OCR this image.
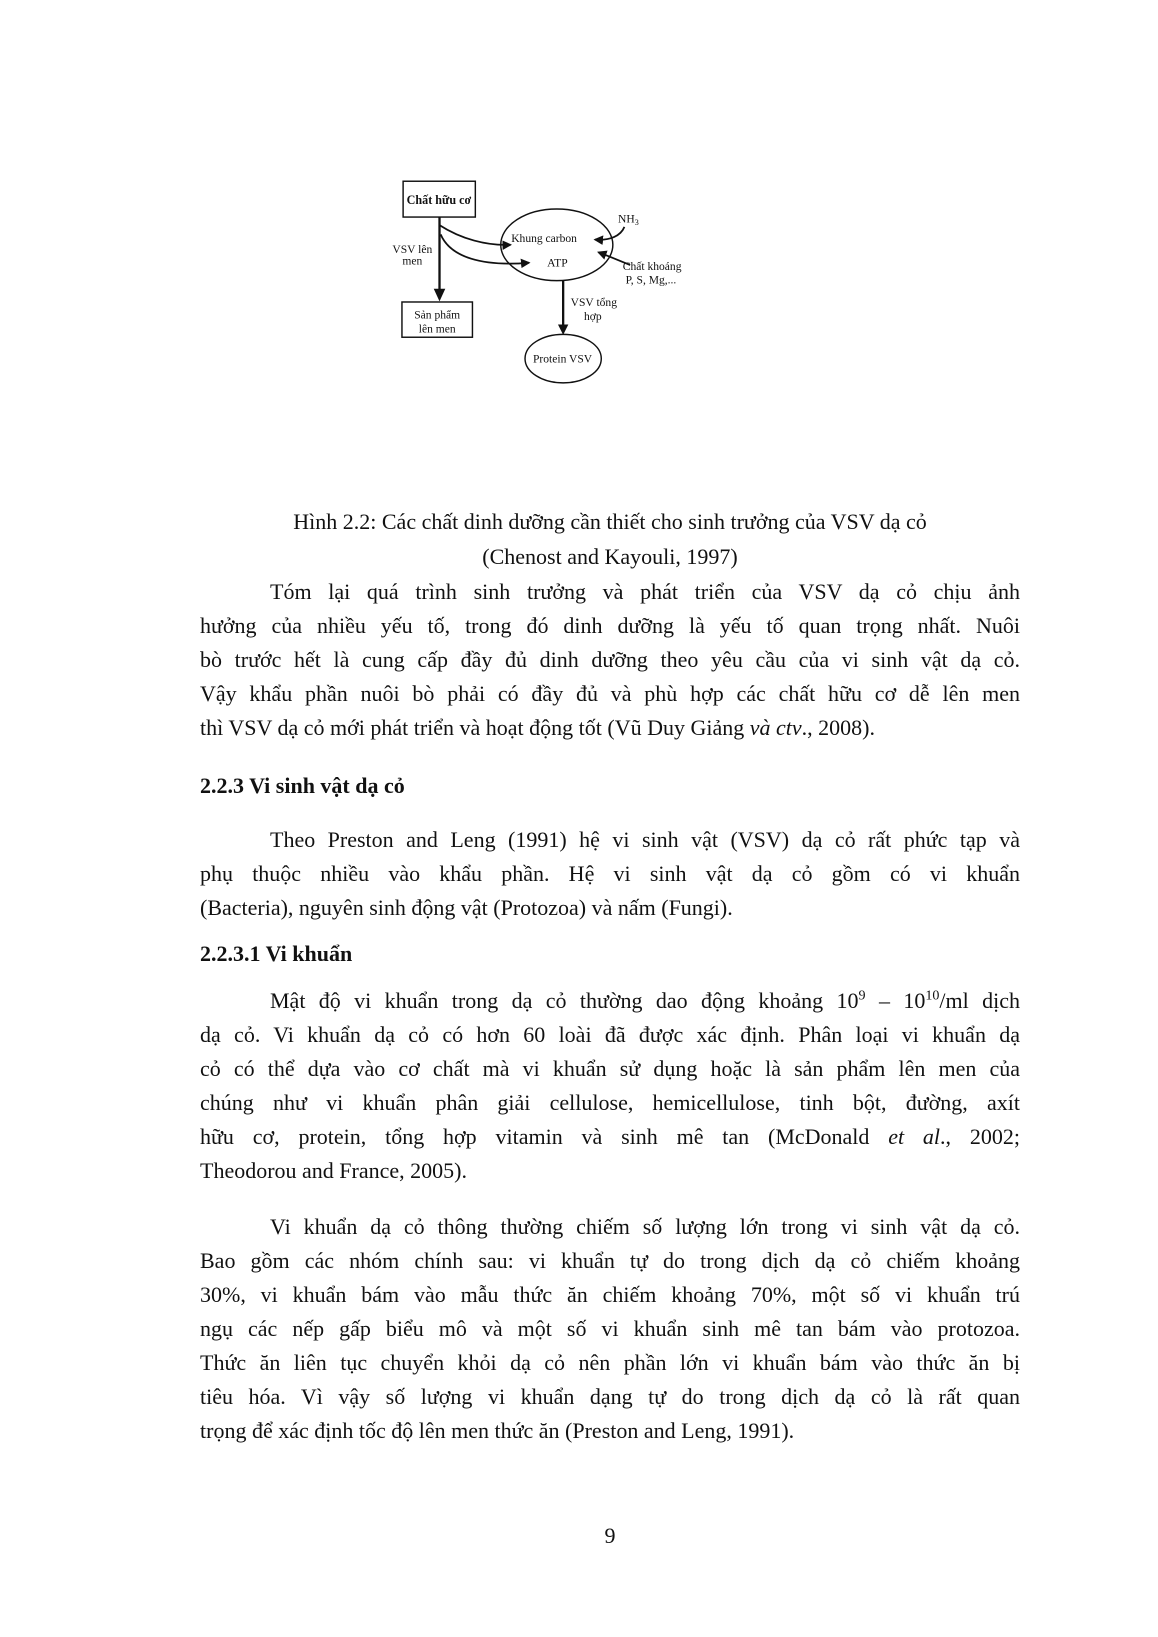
Chất hữu cơ
VSV lên
men
Sản phẩm
lên men
Khung carbon
ATP
$NH_3$
Chất khoáng
P, S, Mg,...
VSV tổng
hợp
Protein VSV
Hình 2.2: Các chất dinh dưỡng cần thiết cho sinh trưởng của VSV dạ cỏ
(Chenost and Kayouli, 1997)
Tóm lại quá trình sinh trưởng và phát triển của VSV dạ cỏ chịu ảnh
hưởng của nhiều yếu tố, trong đó dinh dưỡng là yếu tố quan trọng nhất. Nuôi
bò trước hết là cung cấp đầy đủ dinh dưỡng theo yêu cầu của vi sinh vật dạ cỏ.
Vậy khẩu phần nuôi bò phải có đầy đủ và phù hợp các chất hữu cơ dễ lên men
thì VSV dạ cỏ mới phát triển và hoạt động tốt (Vũ Duy Giảng và ctv., 2008).
2.2.3 Vi sinh vật dạ cỏ
Theo Preston and Leng (1991) hệ vi sinh vật (VSV) dạ cỏ rất phức tạp và
phụ thuộc nhiều vào khẩu phần. Hệ vi sinh vật dạ cỏ gồm có vi khuẩn
(Bacteria), nguyên sinh động vật (Protozoa) và nấm (Fungi).
2.2.3.1 Vi khuẩn
Mật độ vi khuẩn trong dạ cỏ thường dao động khoảng $10^9 - 10^{10}/ml$ dịch
dạ cỏ. Vi khuẩn dạ cỏ có hơn 60 loài đã được xác định. Phân loại vi khuẩn dạ
cỏ có thể dựa vào cơ chất mà vi khuẩn sử dụng hoặc là sản phẩm lên men của
chúng như vi khuẩn phân giải cellulose, hemicellulose, tinh bột, đường, axít
hữu cơ, protein, tổng hợp vitamin và sinh mê tan (McDonald et al., 2002;
Theodorou and France, 2005).
Vi khuẩn dạ cỏ thông thường chiếm số lượng lớn trong vi sinh vật dạ cỏ.
Bao gồm các nhóm chính sau: vi khuẩn tự do trong dịch dạ cỏ chiếm khoảng
30%, vi khuẩn bám vào mẫu thức ăn chiếm khoảng 70%, một số vi khuẩn trú
ngụ các nếp gấp biểu mô và một số vi khuẩn sinh mê tan bám vào protozoa.
Thức ăn liên tục chuyển khỏi dạ cỏ nên phần lớn vi khuẩn bám vào thức ăn bị
tiêu hóa. Vì vậy số lượng vi khuẩn dạng tự do trong dịch dạ cỏ là rất quan
trọng để xác định tốc độ lên men thức ăn (Preston and Leng, 1991).
9
